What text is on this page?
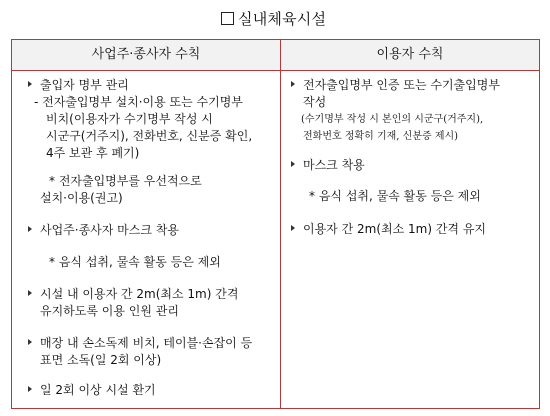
실내체육시설
사업주·종사자 수칙	이용자 수칙
출입자 명부 관리
- 전자출입명부 설치·이용 또는 수기명부
비치(이용자가 수기명부 작성 시
시군구(거주지), 전화번호, 신분증 확인,
4주 보관 후 폐기)
* 전자출입명부를 우선적으로
설치·이용(권고)
사업주·종사자 마스크 착용
* 음식 섭취, 물속 활동 등은 제외
시설 내 이용자 간 2m(최소 1m) 간격
유지하도록 이용 인원 관리
매장 내 손소독제 비치, 테이블·손잡이 등
표면 소독(일 2회 이상)
일 2회 이상 시설 환기
전자출입명부 인증 또는 수기출입명부
작성
(수기명부 작성 시 본인의 시군구(거주지),
전화번호 정확히 기재, 신분증 제시)
마스크 착용
* 음식 섭취, 물속 활동 등은 제외
이용자 간 2m(최소 1m) 간격 유지
